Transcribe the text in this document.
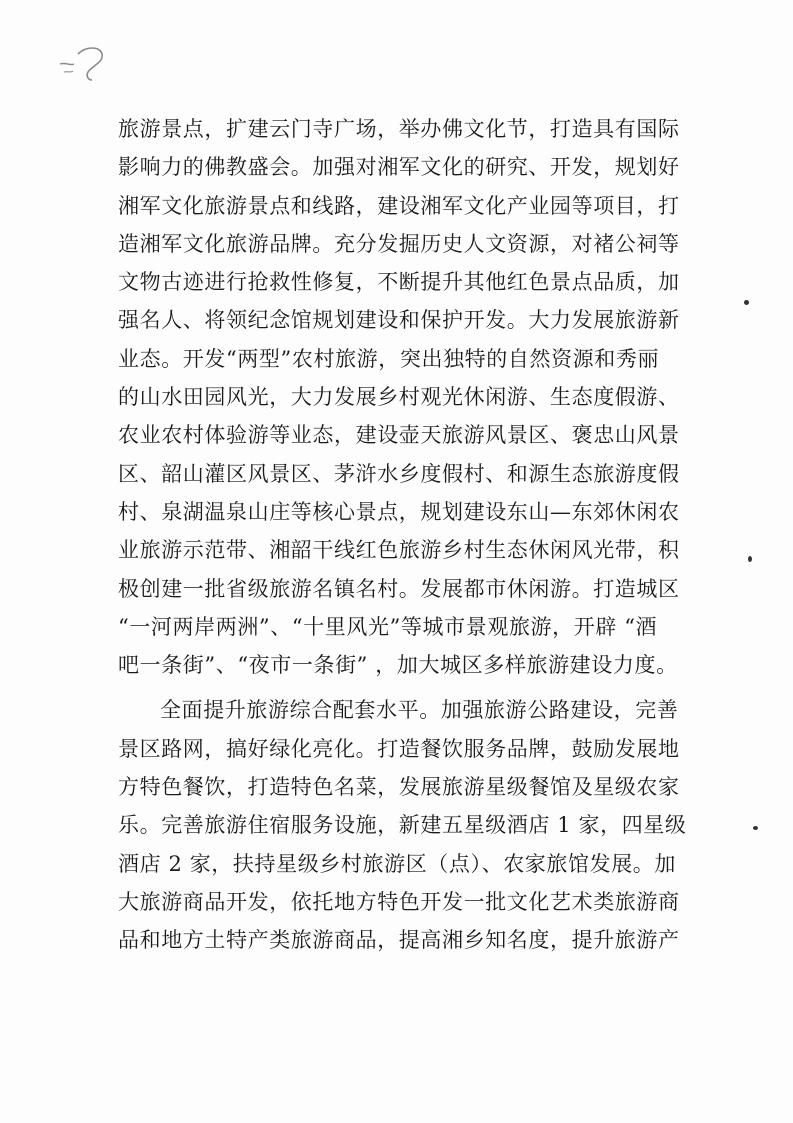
旅游景点，扩建云门寺广场，举办佛文化节，打造具有国际
影响力的佛教盛会。加强对湘军文化的研究、开发，规划好
湘军文化旅游景点和线路，建设湘军文化产业园等项目，打
造湘军文化旅游品牌。充分发掘历史人文资源，对褚公祠等
文物古迹进行抢救性修复，不断提升其他红色景点品质，加
强名人、将领纪念馆规划建设和保护开发。大力发展旅游新
业态。开发“两型”农村旅游，突出独特的自然资源和秀丽
的山水田园风光，大力发展乡村观光休闲游、生态度假游、
农业农村体验游等业态，建设壶天旅游风景区、褒忠山风景
区、韶山灌区风景区、茅浒水乡度假村、和源生态旅游度假
村、泉湖温泉山庄等核心景点，规划建设东山—东郊休闲农
业旅游示范带、湘韶干线红色旅游乡村生态休闲风光带，积
极创建一批省级旅游名镇名村。发展都市休闲游。打造城区
“一河两岸两洲”、“十里风光”等城市景观旅游，开辟 “酒
吧一条街”、“夜市一条街” ，加大城区多样旅游建设力度。
全面提升旅游综合配套水平。加强旅游公路建设，完善
景区路网，搞好绿化亮化。打造餐饮服务品牌，鼓励发展地
方特色餐饮，打造特色名菜，发展旅游星级餐馆及星级农家
乐。完善旅游住宿服务设施，新建五星级酒店 1 家，四星级
酒店 2 家，扶持星级乡村旅游区（点）、农家旅馆发展。加
大旅游商品开发，依托地方特色开发一批文化艺术类旅游商
品和地方土特产类旅游商品，提高湘乡知名度，提升旅游产
